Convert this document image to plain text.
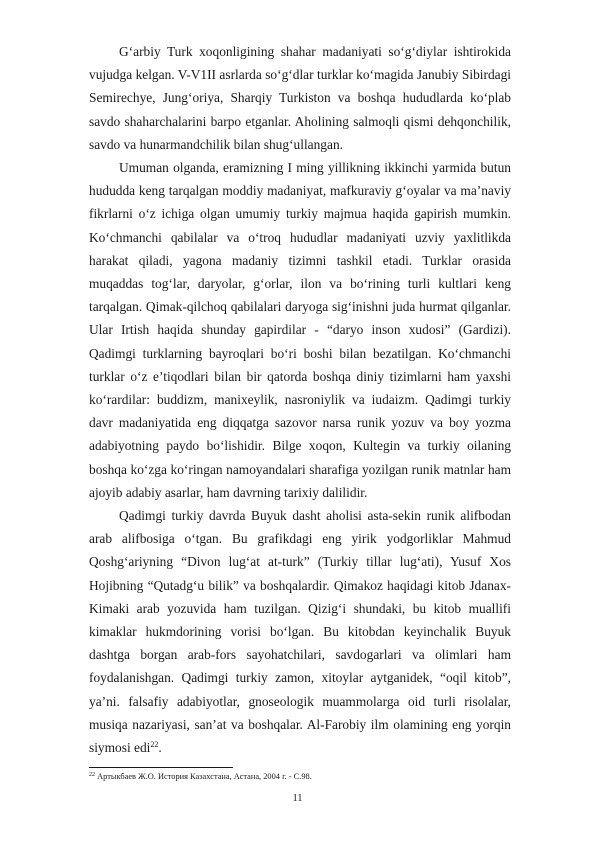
G‘arbiy Turk xoqonligining shahar madaniyati so‘g‘diylar ishtirokida vujudga kelgan. V-V1II asrlarda so‘g‘dlar turklar ko‘magida Janubiy Sibirdagi Semirechye, Jung‘oriya, Sharqiy Turkiston va boshqa hududlarda ko‘plab savdo shaharchalarini barpo etganlar. Aholining salmoqli qismi dehqonchilik, savdo va hunarmandchilik bilan shug‘ullangan.

Umuman olganda, eramizning I ming yillikning ikkinchi yarmida butun hududda keng tarqalgan moddiy madaniyat, mafkuraviy g‘oyalar va ma’naviy fikrlarni o‘z ichiga olgan umumiy turkiy majmua haqida gapirish mumkin. Ko‘chmanchi qabilalar va o‘troq hududlar madaniyati uzviy yaxlitlikda harakat qiladi, yagona madaniy tizimni tashkil etadi. Turklar orasida muqaddas tog‘lar, daryolar, g‘orlar, ilon va bo‘rining turli kultlari keng tarqalgan. Qimak-qilchoq qabilalari daryoga sig‘inishni juda hurmat qilganlar. Ular Irtish haqida shunday gapirdilar - “daryo inson xudosi” (Gardizi). Qadimgi turklarning bayroqlari bo‘ri boshi bilan bezatilgan. Ko‘chmanchi turklar o‘z e’tiqodlari bilan bir qatorda boshqa diniy tizimlarni ham yaxshi ko‘rardilar: buddizm, manixeylik, nasroniylik va iudaizm. Qadimgi turkiy davr madaniyatida eng diqqatga sazovor narsa runik yozuv va boy yozma adabiyotning paydo bo‘lishidir. Bilge xoqon, Kultegin va turkiy oilaning boshqa ko‘zga ko‘ringan namoyandalari sharafiga yozilgan runik matnlar ham ajoyib adabiy asarlar, ham davrning tarixiy dalilidir.

Qadimgi turkiy davrda Buyuk dasht aholisi asta-sekin runik alifbodan arab alifbosiga o‘tgan. Bu grafikdagi eng yirik yodgorliklar Mahmud Qoshg‘ariyning “Divon lug‘at at-turk” (Turkiy tillar lug‘ati), Yusuf Xos Hojibning “Qutadg‘u bilik” va boshqalardir. Qimakoz haqidagi kitob Jdanax-Kimaki arab yozuvida ham tuzilgan. Qizig‘i shundaki, bu kitob muallifi kimaklar hukmdorining vorisi bo‘lgan. Bu kitobdan keyinchalik Buyuk dashtga borgan arab-fors sayohatchilari, savdogarlari va olimlari ham foydalanishgan. Qadimgi turkiy zamon, xitoylar aytganidek, “oqil kitob”, ya’ni. falsafiy adabiyotlar, gnoseologik muammolarga oid turli risolalar, musiqa nazariyasi, san’at va boshqalar. Al-Farobiy ilm olamining eng yorqin siymosi edi$^{22}$.

$^{22}$ Артыкбаев Ж.О. История Казахстана, Астана, 2004 г. - С.98.
11
